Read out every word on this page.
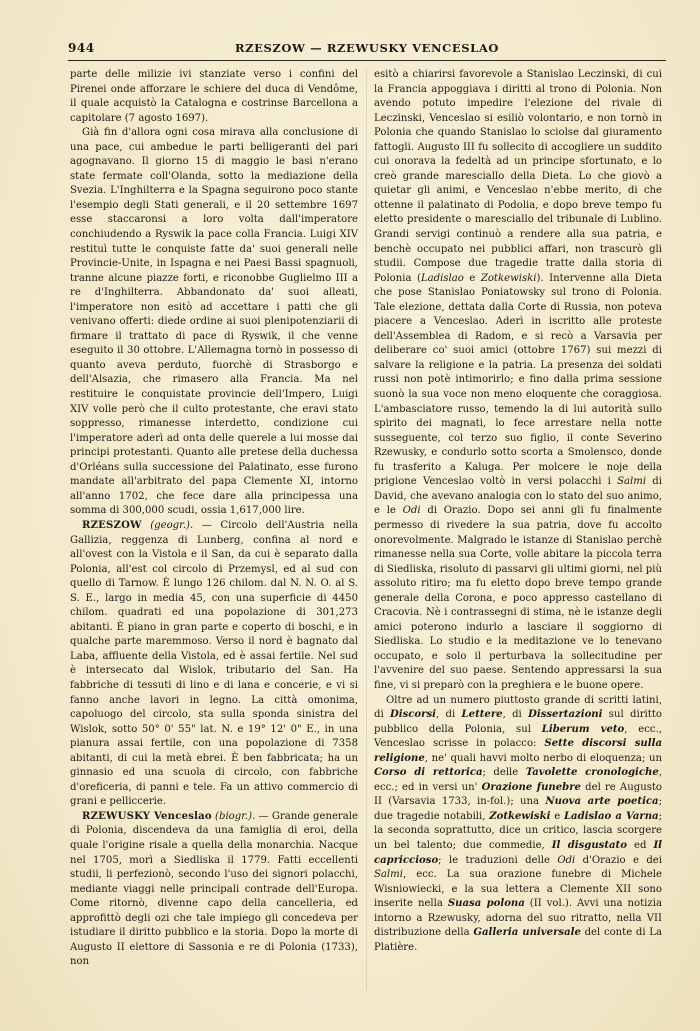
944	RZESZOW — RZEWUSKY VENCESLAO

parte delle milizie ivi stanziate verso i confini del Pirenei onde afforzare le schiere del duca di Vendôme, il quale acquistò la Catalogna e costrinse Barcellona a capitolare (7 agosto 1697).

Già fin d'allora ogni cosa mirava alla conclusione di una pace, cui ambedue le parti belligeranti del pari agognavano. Il giorno 15 di maggio le basi n'erano state fermate coll'Olanda, sotto la mediazione della Svezia. L'Inghilterra e la Spagna seguirono poco stante l'esempio degli Stati generali, e il 20 settembre 1697 esse staccaronsi a loro volta dall'imperatore conchiudendo a Ryswik la pace colla Francia. Luigi XIV restituì tutte le conquiste fatte da' suoi generali nelle Provincie-Unite, in Ispagna e nei Paesi Bassi spagnuoli, tranne alcune piazze forti, e riconobbe Guglielmo III a re d'Inghilterra. Abbandonato da' suoi alleati, l'imperatore non esitò ad accettare i patti che gli venivano offerti: diede ordine ai suoi plenipotenziarii di firmare il trattato di pace di Ryswik, il che venne eseguito il 30 ottobre. L'Allemagna tornò in possesso di quanto aveva perduto, fuorchè di Strasborgo e dell'Alsazia, che rimasero alla Francia. Ma nel restituire le conquistate provincie dell'Impero, Luigi XIV volle però che il culto protestante, che eravi stato soppresso, rimanesse interdetto, condizione cui l'imperatore aderì ad onta delle querele a lui mosse dai principi protestanti. Quanto alle pretese della duchessa d'Orléans sulla successione del Palatinato, esse furono mandate all'arbitrato del papa Clemente XI, intorno all'anno 1702, che fece dare alla principessa una somma di 300,000 scudi, ossia 1,617,000 lire.

RZESZOW (geogr.). — Circolo dell'Austria nella Gallizia, reggenza di Lunberg, confina al nord e all'ovest con la Vistola e il San, da cui è separato dalla Polonia, all'est col circolo di Przemysl, ed al sud con quello di Tarnow. È lungo 126 chilom. dal N. N. O. al S. S. E., largo in media 45, con una superficie di 4450 chilom. quadrati ed una popolazione di 301,273 abitanti. È piano in gran parte e coperto di boschi, e in qualche parte maremmoso. Verso il nord è bagnato dal Laba, affluente della Vistola, ed è assai fertile. Nel sud è intersecato dal Wislok, tributario del San. Ha fabbriche di tessuti di lino e di lana e concerie, e vi si fanno anche lavori in legno. La città omonima, capoluogo del circolo, sta sulla sponda sinistra del Wislok, sotto 50° 0' 55" lat. N. e 19° 12' 0" E., in una pianura assai fertile, con una popolazione di 7358 abitanti, di cui la metà ebrei. È ben fabbricata; ha un ginnasio ed una scuola di circolo, con fabbriche d'oreficeria, di panni e tele. Fa un attivo commercio di grani e pelliccerie.

RZEWUSKY Venceslao (biogr.). — Grande generale di Polonia, discendeva da una famiglia di eroi, della quale l'origine risale a quella della monarchia. Nacque nel 1705, morì a Siedliska il 1779. Fatti eccellenti studii, li perfezionò, secondo l'uso dei signori polacchi, mediante viaggi nelle principali contrade dell'Europa. Come ritornò, divenne capo della cancelleria, ed approfittò degli ozi che tale impiego gli concedeva per istudiare il diritto pubblico e la storia. Dopo la morte di Augusto II elettore di Sassonia e re di Polonia (1733), non

esitò a chiarirsi favorevole a Stanislao Leczinski, di cui la Francia appoggiava i diritti al trono di Polonia. Non avendo potuto impedire l'elezione del rivale di Leczinski, Venceslao si esiliò volontario, e non tornò in Polonia che quando Stanislao lo sciolse dal giuramento fattogli. Augusto III fu sollecito di accogliere un suddito cui onorava la fedeltà ad un principe sfortunato, e lo creò grande maresciallo della Dieta. Lo che giovò a quietar gli animi, e Venceslao n'ebbe merito, di che ottenne il palatinato di Podolia, e dopo breve tempo fu eletto presidente o maresciallo del tribunale di Lublino. Grandi servigi continuò a rendere alla sua patria, e benchè occupato nei pubblici affari, non trascurò gli studii. Compose due tragedie tratte dalla storia di Polonia (Ladislao e Zotkewiski). Intervenne alla Dieta che pose Stanislao Poniatowsky sul trono di Polonia. Tale elezione, dettata dalla Corte di Russia, non poteva piacere a Venceslao. Aderì in iscritto alle proteste dell'Assemblea di Radom, e si recò a Varsavia per deliberare co' suoi amici (ottobre 1767) sui mezzi di salvare la religione e la patria. La presenza dei soldati russi non potè intimorirlo; e fino dalla prima sessione suonò la sua voce non meno eloquente che coraggiosa. L'ambasciatore russo, temendo la di lui autorità sullo spirito dei magnati, lo fece arrestare nella notte susseguente, col terzo suo figlio, il conte Severino Rzewusky, e condurlo sotto scorta a Smolensco, donde fu trasferito a Kaluga. Per molcere le noje della prigione Venceslao voltò in versi polacchi i Salmi di David, che avevano analogia con lo stato del suo animo, e le Odi di Orazio. Dopo sei anni gli fu finalmente permesso di rivedere la sua patria, dove fu accolto onorevolmente. Malgrado le istanze di Stanislao perchè rimanesse nella sua Corte, volle abitare la piccola terra di Siedliska, risoluto di passarvi gli ultimi giorni, nel più assoluto ritiro; ma fu eletto dopo breve tempo grande generale della Corona, e poco appresso castellano di Cracovia. Nè i contrassegni di stima, nè le istanze degli amici poterono indurlo a lasciare il soggiorno di Siedliska. Lo studio e la meditazione ve lo tenevano occupato, e solo il perturbava la sollecitudine per l'avvenire del suo paese. Sentendo appressarsi la sua fine, vi si preparò con la preghiera e le buone opere.

Oltre ad un numero piuttosto grande di scritti latini, di Discorsi, di Lettere, di Dissertazioni sul diritto pubblico della Polonia, sul Liberum veto, ecc., Venceslao scrisse in polacco: Sette discorsi sulla religione, ne' quali havvi molto nerbo di eloquenza; un Corso di rettorica; delle Tavolette cronologiche, ecc.; ed in versi un' Orazione funebre del re Augusto II (Varsavia 1733, in-fol.); una Nuova arte poetica; due tragedie notabili, Zotkewiski e Ladislao a Varna; la seconda soprattutto, dice un critico, lascia scorgere un bel talento; due commedie, Il disgustato ed Il capriccioso; le traduzioni delle Odi d'Orazio e dei Salmi, ecc. La sua orazione funebre di Michele Wisniowiecki, e la sua lettera a Clemente XII sono inserite nella Suasa polona (II vol.). Avvi una notizia intorno a Rzewusky, adorna del suo ritratto, nella VII distribuzione della Galleria universale del conte di La Platière.
